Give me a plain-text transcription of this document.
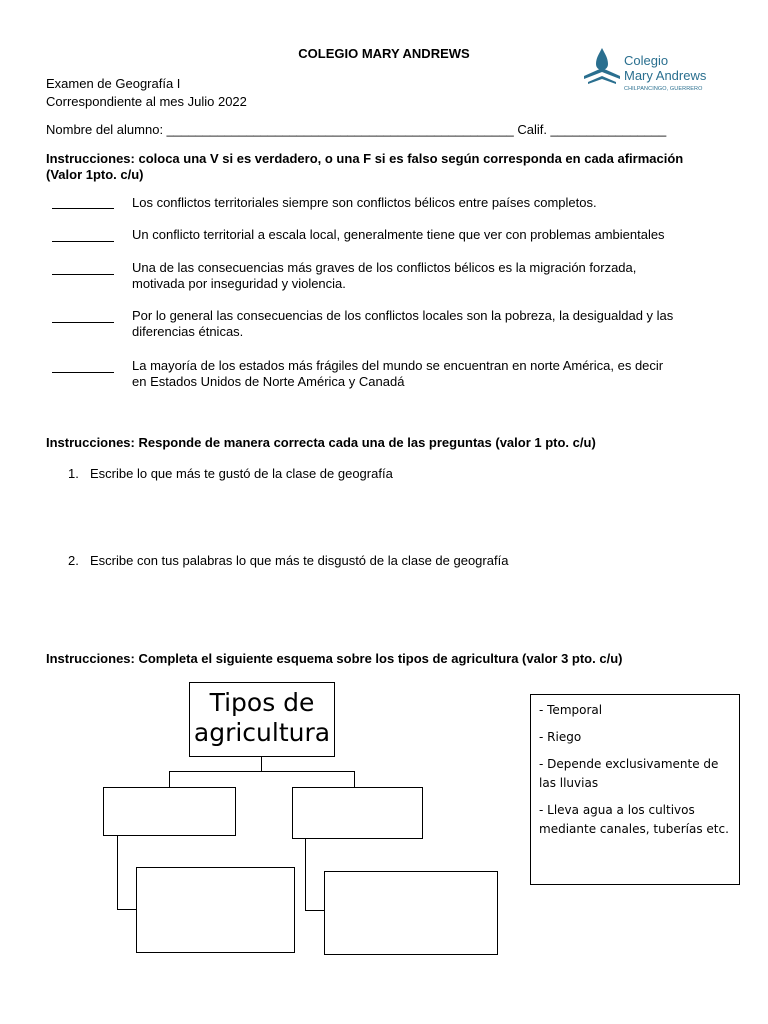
COLEGIO MARY ANDREWS	Colegio
Mary Andrews
CHILPANCINGO, GUERRERO
Examen de Geografía I
Correspondiente al mes Julio 2022
Nombre del alumno: ________________________________________________ Calif. ________________
Instrucciones: coloca una V si es verdadero, o una F si es falso según corresponda en cada afirmación
(Valor 1pto. c/u)
Los conflictos territoriales siempre son conflictos bélicos entre países completos.
Un conflicto territorial a escala local, generalmente tiene que ver con problemas ambientales
Una de las consecuencias más graves de los conflictos bélicos es la migración forzada,
motivada por inseguridad y violencia.
Por lo general las consecuencias de los conflictos locales son la pobreza, la desigualdad y las
diferencias étnicas.
La mayoría de los estados más frágiles del mundo se encuentran en norte América, es decir
en Estados Unidos de Norte América y Canadá
Instrucciones: Responde de manera correcta cada una de las preguntas (valor 1 pto. c/u)
1. Escribe lo que más te gustó de la clase de geografía
2. Escribe con tus palabras lo que más te disgustó de la clase de geografía
Instrucciones: Completa el siguiente esquema sobre los tipos de agricultura (valor 3 pto. c/u)
Tipos de
agricultura

- Temporal

- Riego

- Depende exclusivamente de las lluvias

- Lleva agua a los cultivos mediante canales, tuberías etc.
